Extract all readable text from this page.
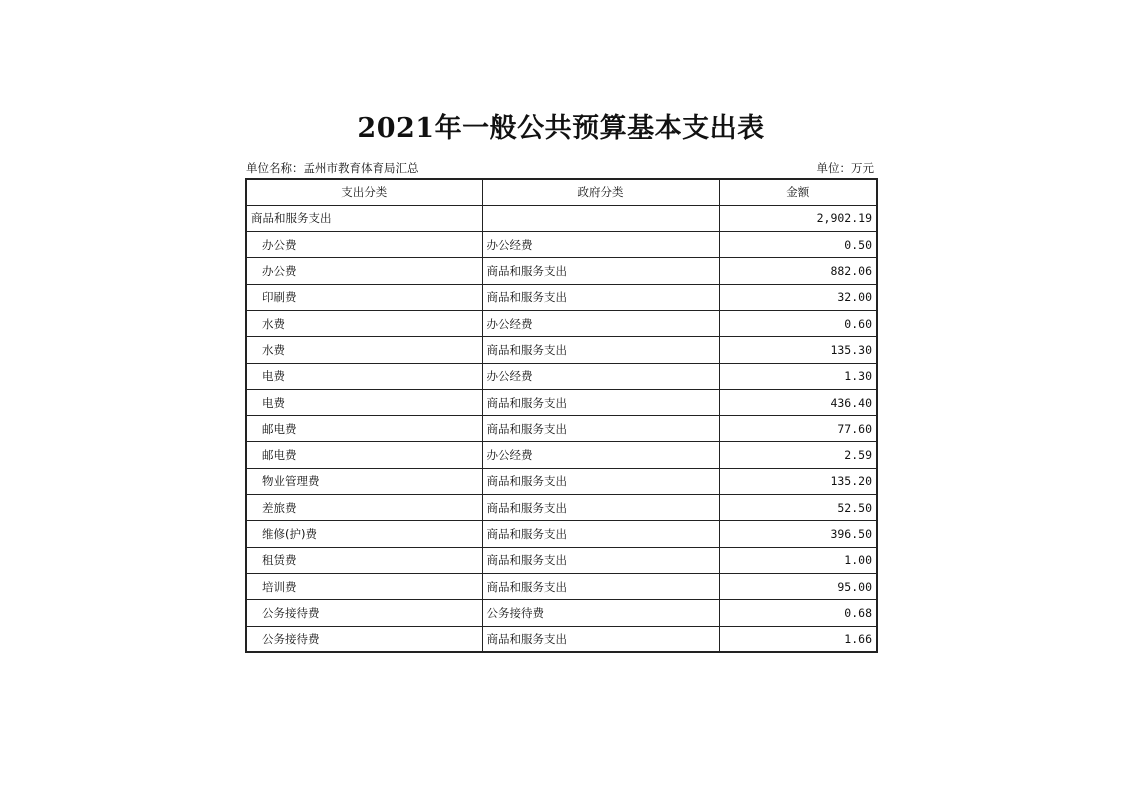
2021年一般公共预算基本支出表
单位名称：孟州市教育体育局汇总	单位：万元
支出分类	政府分类	金额
商品和服务支出		2,902.19
办公费	办公经费	0.50
办公费	商品和服务支出	882.06
印刷费	商品和服务支出	32.00
水费	办公经费	0.60
水费	商品和服务支出	135.30
电费	办公经费	1.30
电费	商品和服务支出	436.40
邮电费	商品和服务支出	77.60
邮电费	办公经费	2.59
物业管理费	商品和服务支出	135.20
差旅费	商品和服务支出	52.50
维修(护)费	商品和服务支出	396.50
租赁费	商品和服务支出	1.00
培训费	商品和服务支出	95.00
公务接待费	公务接待费	0.68
公务接待费	商品和服务支出	1.66
